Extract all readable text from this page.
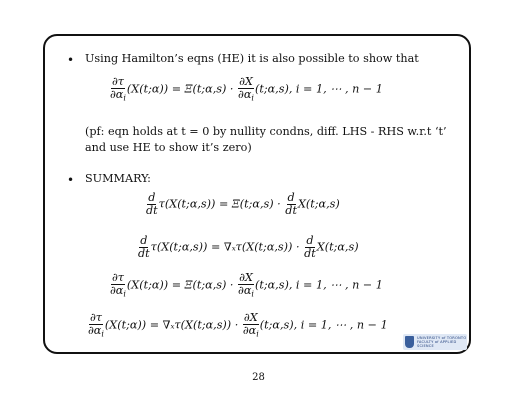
• Using Hamilton’s eqns (HE) it is also possible to show that
$\frac{\partial\tau}{\partial\alpha_i}$ (X(t;α)) = Ξ(t;α,s) · $\frac{\partial X}{\partial\alpha_i}$ (t;α,s), i = 1, ⋯ , n − 1
(pf: eqn holds at t = 0 by nullity condns, diff. LHS - RHS w.r.t ‘t’ and use HE to show it’s zero)
• SUMMARY:
$\frac{d}{dt}$ τ(X(t;α,s)) = Ξ(t;α,s) · $\frac{d}{dt}$ X(t;α,s)
$\frac{d}{dt}$ τ(X(t;α,s)) = ∇ₓτ(X(t;α,s)) · $\frac{d}{dt}$ X(t;α,s)
$\frac{\partial\tau}{\partial\alpha_i}$ (X(t;α)) = Ξ(t;α,s) · $\frac{\partial X}{\partial\alpha_i}$ (t;α,s), i = 1, ⋯ , n − 1
$\frac{\partial\tau}{\partial\alpha_i}$ (X(t;α)) = ∇ₓτ(X(t;α,s)) · $\frac{\partial X}{\partial\alpha_i}$ (t;α,s), i = 1, ⋯ , n − 1
UNIVERSITY of TORONTO
FACULTY of APPLIED SCIENCE
28
